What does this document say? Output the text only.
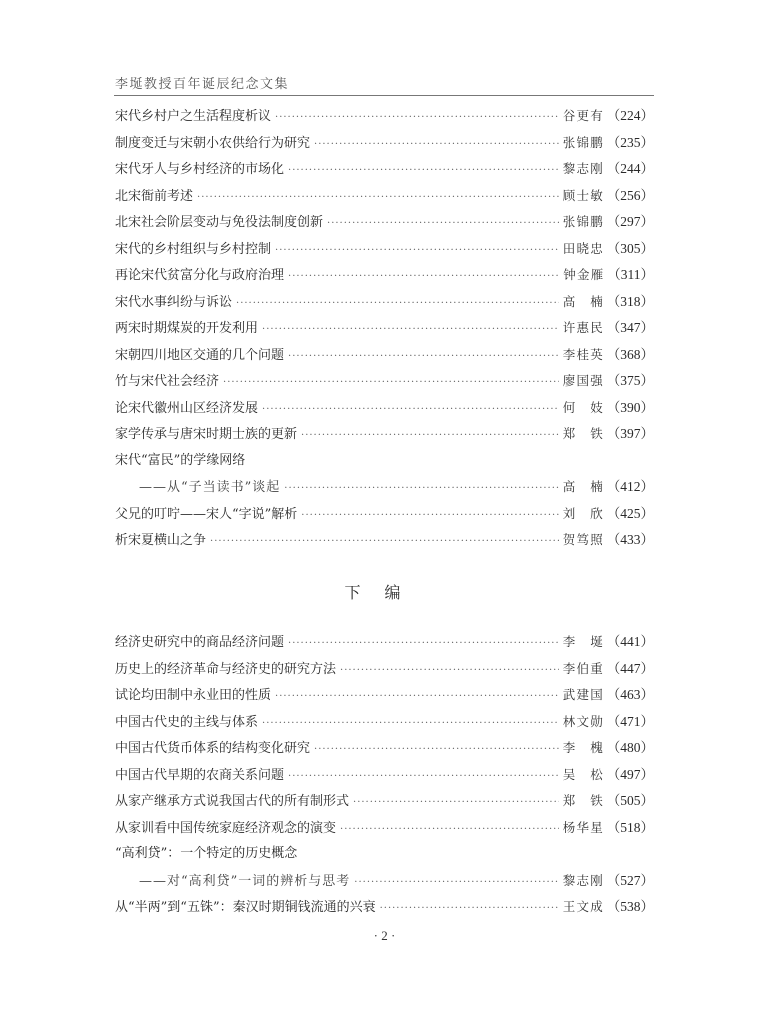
李埏教授百年诞辰纪念文集
宋代乡村户之生活程度析议 ·····	谷更有 （224）
制度变迁与宋朝小农供给行为研究 ·····	张锦鹏 （235）
宋代牙人与乡村经济的市场化 ·····	黎志刚 （244）
北宋衙前考述 ·····	顾士敏 （256）
北宋社会阶层变动与免役法制度创新 ·····	张锦鹏 （297）
宋代的乡村组织与乡村控制 ·····	田晓忠 （305）
再论宋代贫富分化与政府治理 ·····	钟金雁 （311）
宋代水事纠纷与诉讼 ·····	高　楠 （318）
两宋时期煤炭的开发利用 ·····	许惠民 （347）
宋朝四川地区交通的几个问题 ·····	李桂英 （368）
竹与宋代社会经济 ·····	廖国强 （375）
论宋代徽州山区经济发展 ·····	何　妓 （390）
家学传承与唐宋时期士族的更新 ·····	郑　铁 （397）
宋代“富民”的学缘网络
——从“子当读书”谈起 ·····	高　楠 （412）
父兄的叮咛——宋人“字说”解析 ·····	刘　欣 （425）
析宋夏横山之争 ·····	贺笃照 （433）
下编
经济史研究中的商品经济问题 ·····	李　埏 （441）
历史上的经济革命与经济史的研究方法 ·····	李伯重 （447）
试论均田制中永业田的性质 ·····	武建国 （463）
中国古代史的主线与体系 ·····	林文勋 （471）
中国古代货币体系的结构变化研究 ·····	李　槐 （480）
中国古代早期的农商关系问题 ·····	吴　松 （497）
从家产继承方式说我国古代的所有制形式 ·····	郑　铁 （505）
从家训看中国传统家庭经济观念的演变 ·····	杨华星 （518）
“高利贷”：一个特定的历史概念
——对“高利贷”一词的辨析与思考 ·····	黎志刚 （527）
从“半两”到“五铢”：秦汉时期铜钱流通的兴衰 ·····	王文成 （538）
· 2 ·
